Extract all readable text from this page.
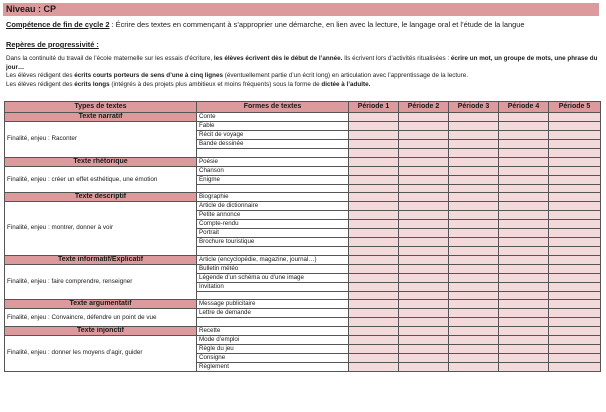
Niveau : CP
Compétence de fin de cycle 2 : Écrire des textes en commençant à s’approprier une démarche, en lien avec la lecture, le langage oral et l’étude de la langue
Repères de progressivité :
Dans la continuité du travail de l’école maternelle sur les essais d’écriture, les élèves écrivent dès le début de l’année. Ils écrivent lors d’activités ritualisées : écrire un mot, un groupe de mots, une phrase du jour…
Les élèves rédigent des écrits courts porteurs de sens d’une à cinq lignes (éventuellement partie d’un écrit long) en articulation avec l’apprentissage de la lecture.
Les élèves rédigent des écrits longs (intégrés à des projets plus ambitieux et moins fréquents) sous la forme de dictée à l’adulte.
Types de textes	Formes de textes	Période 1	Période 2	Période 3	Période 4	Période 5

Texte narratif
Finalité, enjeu : Raconter	Conte					
	Fable					
	Récit de voyage					
	Bande dessinée					

Texte rhétorique
Finalité, enjeu : créer un effet esthétique, une émotion	Poésie					
	Chanson					
	Enigme					

Texte descriptif
Finalité, enjeu : montrer, donner à voir	Biographie					
	Article de dictionnaire					
	Petite annonce					
	Compte-rendu					
	Portrait					
	Brochure touristique					

Texte informatif/Explicatif
Finalité, enjeu : faire comprendre, renseigner	Article (encyclopédie, magazine, journal…)					
	Bulletin météo					
	Légende d’un schéma ou d’une image					
	Invitation					

Texte argumentatif
Finalité, enjeu : Convaincre, défendre un point de vue	Message publicitaire					
	Lettre de demande					

Texte injonctif
Finalité, enjeu : donner les moyens d’agir, guider	Recette					
	Mode d’emploi					
	Règle du jeu					
	Consigne					
	Règlement					
